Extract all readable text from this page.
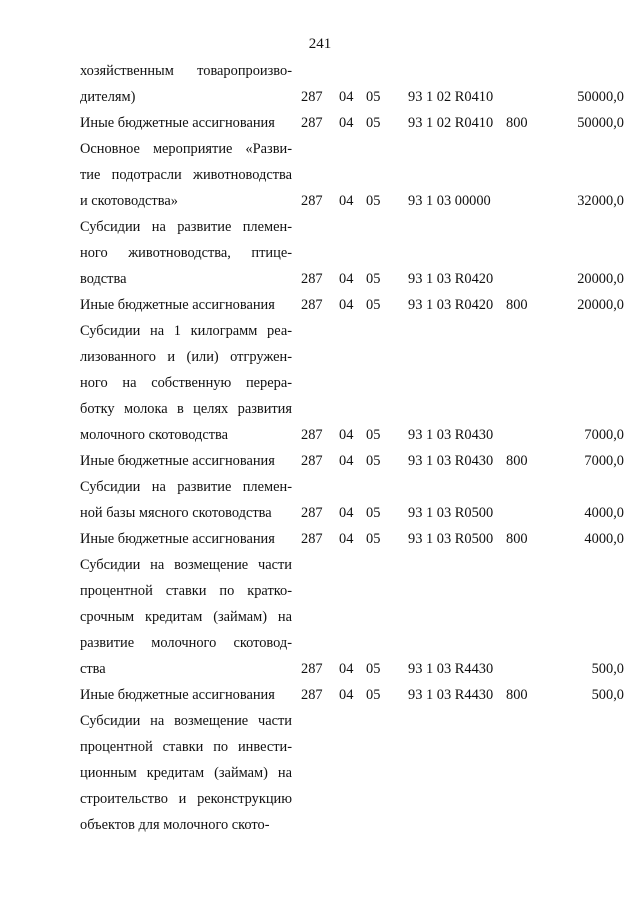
241
хозяйственным товаропроизво-
дителям)	287	04 05	93 1 02 R0410	50000,0
Иные бюджетные ассигнования	287	04 05	93 1 02 R0410 800	50000,0
Основное мероприятие «Разви-
тие подотрасли животноводства
и скотоводства»	287	04 05	93 1 03 00000	32000,0
Субсидии на развитие племен-
ного животноводства, птице-
водства	287	04 05	93 1 03 R0420	20000,0
Иные бюджетные ассигнования	287	04 05	93 1 03 R0420 800	20000,0
Субсидии на 1 килограмм реа-
лизованного и (или) отгружен-
ного на собственную перера-
ботку молока в целях развития
молочного скотоводства	287	04 05	93 1 03 R0430	7000,0
Иные бюджетные ассигнования	287	04 05	93 1 03 R0430 800	7000,0
Субсидии на развитие племен-
ной базы мясного скотоводства	287	04 05	93 1 03 R0500	4000,0
Иные бюджетные ассигнования	287	04 05	93 1 03 R0500 800	4000,0
Субсидии на возмещение части
процентной ставки по кратко-
срочным кредитам (займам) на
развитие молочного скотовод-
ства	287	04 05	93 1 03 R4430	500,0
Иные бюджетные ассигнования	287	04 05	93 1 03 R4430 800	500,0
Субсидии на возмещение части
процентной ставки по инвести-
ционным кредитам (займам) на
строительство и реконструкцию
объектов для молочного ското-
